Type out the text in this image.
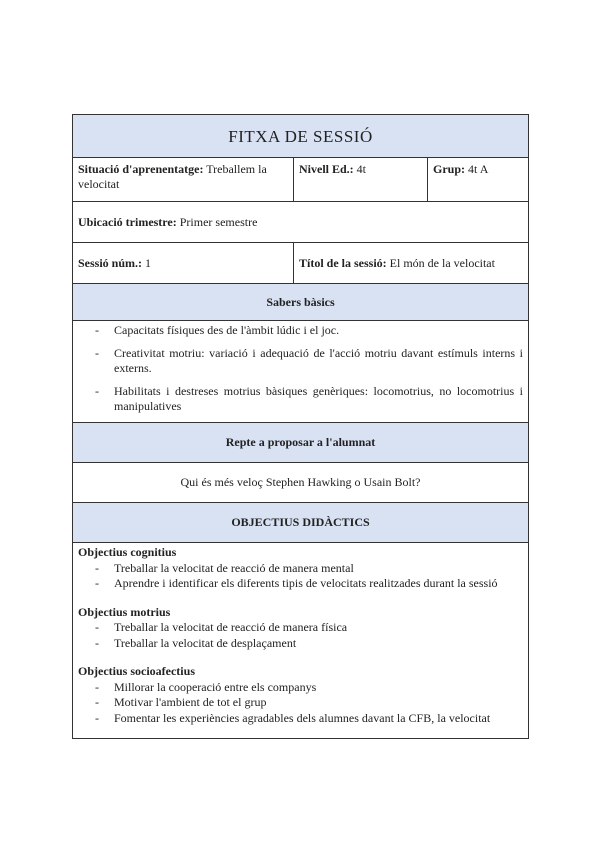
FITXA DE SESSIÓ
Situació d'aprenentatge: Treballem la velocitat
Nivell Ed.: 4t	Grup: 4t A
Ubicació trimestre: Primer semestre
Sessió núm.: 1	Títol de la sessió: El món de la velocitat
Sabers bàsics
- Capacitats físiques des de l'àmbit lúdic i el joc.
- Creativitat motriu: variació i adequació de l'acció motriu davant estímuls interns i externs.
- Habilitats i destreses motrius bàsiques genèriques: locomotrius, no locomotrius i manipulatives
Repte a proposar a l'alumnat
Qui és més veloç Stephen Hawking o Usain Bolt?
OBJECTIUS DIDÀCTICS
Objectius cognitius
- Treballar la velocitat de reacció de manera mental
- Aprendre i identificar els diferents tipis de velocitats realitzades durant la sessió
Objectius motrius
- Treballar la velocitat de reacció de manera física
- Treballar la velocitat de desplaçament
Objectius socioafectius
- Millorar la cooperació entre els companys
- Motivar l'ambient de tot el grup
- Fomentar les experiències agradables dels alumnes davant la CFB, la velocitat
